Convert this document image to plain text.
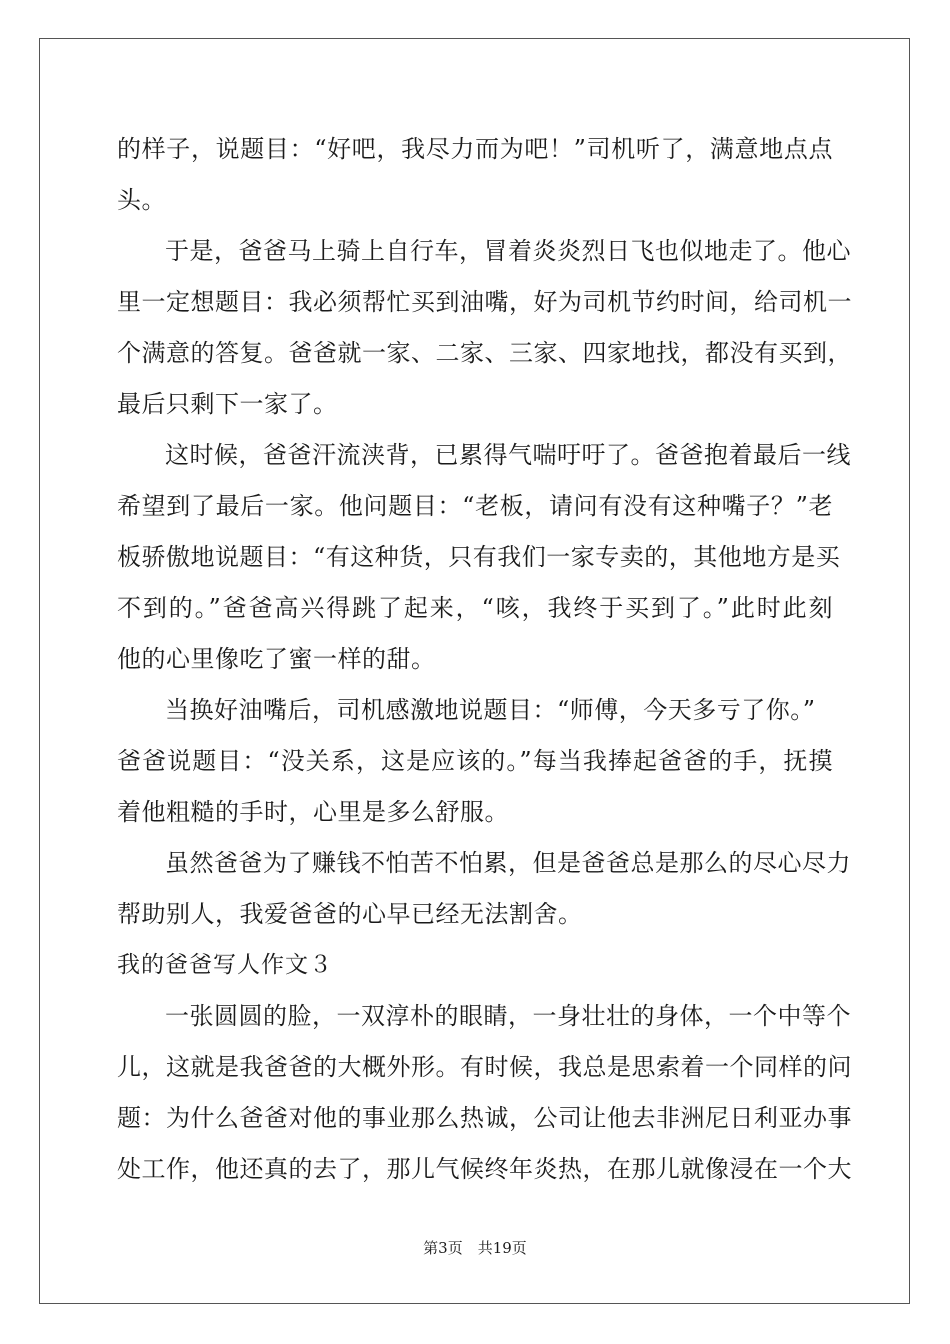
的样子，说题目：“好吧，我尽力而为吧！”司机听了，满意地点点
头。
于是，爸爸马上骑上自行车，冒着炎炎烈日飞也似地走了。他心
里一定想题目：我必须帮忙买到油嘴，好为司机节约时间，给司机一
个满意的答复。爸爸就一家、二家、三家、四家地找，都没有买到，
最后只剩下一家了。
这时候，爸爸汗流浃背，已累得气喘吁吁了。爸爸抱着最后一线
希望到了最后一家。他问题目：“老板，请问有没有这种嘴子？”老
板骄傲地说题目：“有这种货，只有我们一家专卖的，其他地方是买
不到的。”爸爸高兴得跳了起来，“咳，我终于买到了。”此时此刻
他的心里像吃了蜜一样的甜。
当换好油嘴后，司机感激地说题目：“师傅，今天多亏了你。”
爸爸说题目：“没关系，这是应该的。”每当我捧起爸爸的手，抚摸
着他粗糙的手时，心里是多么舒服。
虽然爸爸为了赚钱不怕苦不怕累，但是爸爸总是那么的尽心尽力
帮助别人，我爱爸爸的心早已经无法割舍。
我的爸爸写人作文３
一张圆圆的脸，一双淳朴的眼睛，一身壮壮的身体，一个中等个
儿，这就是我爸爸的大概外形。有时候，我总是思索着一个同样的问
题：为什么爸爸对他的事业那么热诚，公司让他去非洲尼日利亚办事
处工作，他还真的去了，那儿气候终年炎热，在那儿就像浸在一个大
第3页　共19页
